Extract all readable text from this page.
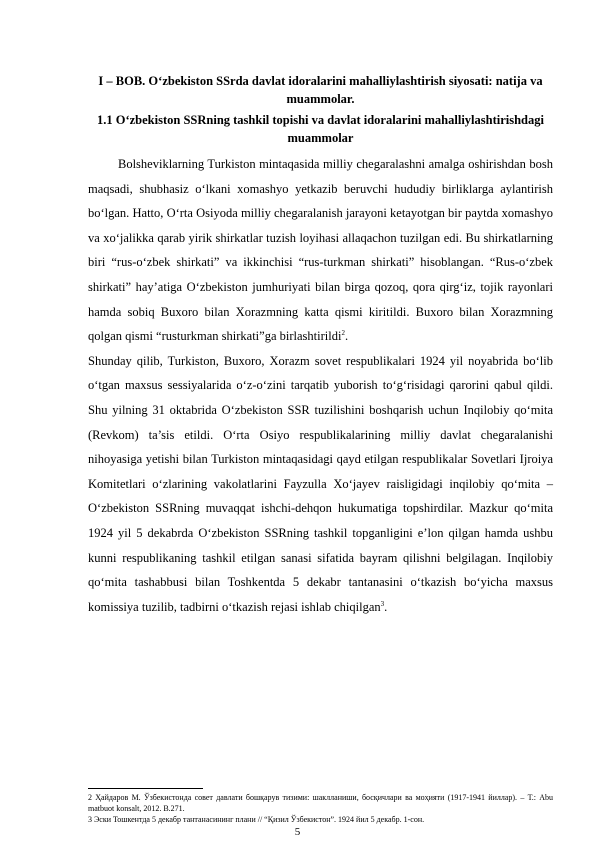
I – BOB. O‘zbekiston SSrda davlat idoralarini mahalliylashtirish siyosati: natija va muammolar.
1.1 O‘zbekiston SSRning tashkil topishi va davlat idoralarini mahalliylashtirishdagi muammolar

Bolsheviklarning Turkiston mintaqasida milliy chegaralashni amalga oshirishdan bosh maqsadi, shubhasiz o‘lkani xomashyo yetkazib beruvchi hududiy birliklarga aylantirish bo‘lgan. Hatto, O‘rta Osiyoda milliy chegaralanish jarayoni ketayotgan bir paytda xomashyo va xo‘jalikka qarab yirik shirkatlar tuzish loyihasi allaqachon tuzilgan edi. Bu shirkatlarning biri “rus-o‘zbek shirkati” va ikkinchisi “rus-turkman shirkati” hisoblangan. “Rus-o‘zbek shirkati” hay’atiga O‘zbekiston jumhuriyati bilan birga qozoq, qora qirg‘iz, tojik rayonlari hamda sobiq Buxoro bilan Xorazmning katta qismi kiritildi. Buxoro bilan Xorazmning qolgan qismi “rusturkman shirkati”ga birlashtirildi$^2$.

Shunday qilib, Turkiston, Buxoro, Xorazm sovet respublikalari 1924 yil noyabrida bo‘lib o‘tgan maxsus sessiyalarida o‘z-o‘zini tarqatib yuborish to‘g‘risidagi qarorini qabul qildi. Shu yilning 31 oktabrida O‘zbekiston SSR tuzilishini boshqarish uchun Inqilobiy qo‘mita (Revkom) ta’sis etildi. O‘rta Osiyo respublikalarining milliy davlat chegaralanishi nihoyasiga yetishi bilan Turkiston mintaqasidagi qayd etilgan respublikalar Sovetlari Ijroiya Komitetlari o‘zlarining vakolatlarini Fayzulla Xo‘jayev raisligidagi inqilobiy qo‘mita – O‘zbekiston SSRning muvaqqat ishchi-dehqon hukumatiga topshirdilar. Mazkur qo‘mita 1924 yil 5 dekabrda O‘zbekiston SSRning tashkil topganligini e’lon qilgan hamda ushbu kunni respublikaning tashkil etilgan sanasi sifatida bayram qilishni belgilagan. Inqilobiy qo‘mita tashabbusi bilan Toshkentda 5 dekabr tantanasini o‘tkazish bo‘yicha maxsus komissiya tuzilib, tadbirni o‘tkazish rejasi ishlab chiqilgan$^3$.

2 Ҳайдаров М. Ўзбекистонда совет давлати бошқарув тизими: шаклланиши, босқичлари ва моҳияти (1917-1941 йиллар). – Т.: Abu matbuot konsalt, 2012. В.271.

3 Эски Тошкентда 5 декабр тантанасининг плани // “Қизил Ўзбекистон”. 1924 йил 5 декабр. 1-сон.

5
